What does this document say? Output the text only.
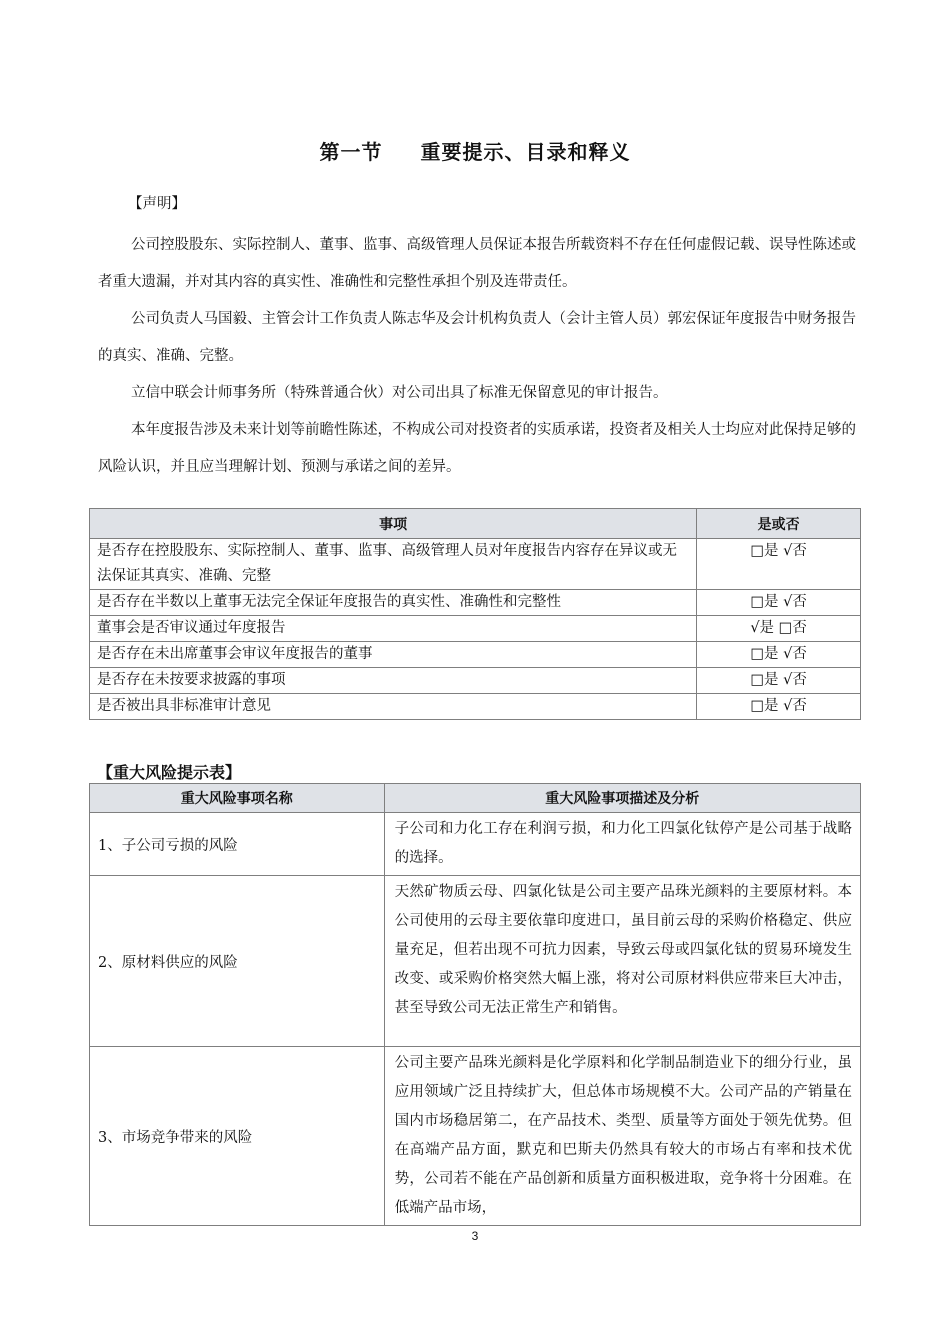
第一节 重要提示、目录和释义
【声明】

公司控股股东、实际控制人、董事、监事、高级管理人员保证本报告所载资料不存在任何虚假记载、误导性陈述或者重大遗漏，并对其内容的真实性、准确性和完整性承担个别及连带责任。

公司负责人马国毅、主管会计工作负责人陈志华及会计机构负责人（会计主管人员）郭宏保证年度报告中财务报告的真实、准确、完整。

立信中联会计师事务所（特殊普通合伙）对公司出具了标准无保留意见的审计报告。

本年度报告涉及未来计划等前瞻性陈述，不构成公司对投资者的实质承诺，投资者及相关人士均应对此保持足够的风险认识，并且应当理解计划、预测与承诺之间的差异。

事项	是或否
是否存在控股股东、实际控制人、董事、监事、高级管理人员对年度报告内容存在异议或无法保证其真实、准确、完整	□是 √否
是否存在半数以上董事无法完全保证年度报告的真实性、准确性和完整性	□是 √否
董事会是否审议通过年度报告	√是 □否
是否存在未出席董事会审议年度报告的董事	□是 √否
是否存在未按要求披露的事项	□是 √否
是否被出具非标准审计意见	□是 √否
【重大风险提示表】
重大风险事项名称	重大风险事项描述及分析
1、子公司亏损的风险	子公司和力化工存在利润亏损，和力化工四氯化钛停产是公司基于战略的选择。
2、原材料供应的风险	天然矿物质云母、四氯化钛是公司主要产品珠光颜料的主要原材料。本公司使用的云母主要依靠印度进口，虽目前云母的采购价格稳定、供应量充足，但若出现不可抗力因素，导致云母或四氯化钛的贸易环境发生改变、或采购价格突然大幅上涨，将对公司原材料供应带来巨大冲击，甚至导致公司无法正常生产和销售。
3、市场竞争带来的风险	公司主要产品珠光颜料是化学原料和化学制品制造业下的细分行业，虽应用领域广泛且持续扩大，但总体市场规模不大。公司产品的产销量在国内市场稳居第二，在产品技术、类型、质量等方面处于领先优势。但在高端产品方面，默克和巴斯夫仍然具有较大的市场占有率和技术优势，公司若不能在产品创新和质量方面积极进取，竞争将十分困难。在低端产品市场，
3
